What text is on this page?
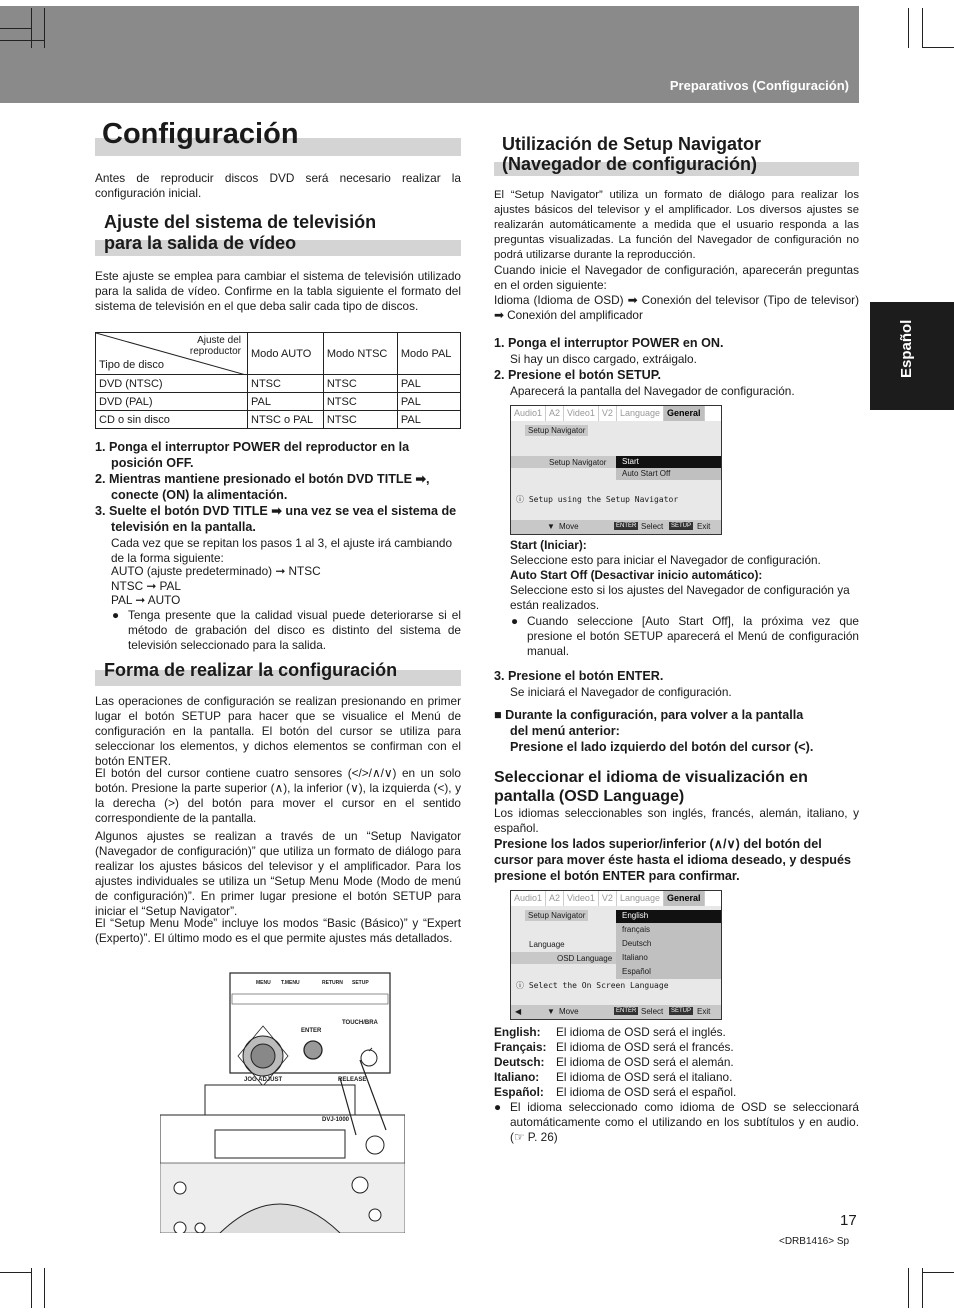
Preparativos (Configuración)
Español
Configuración
Antes de reproducir discos DVD será necesario realizar la configuración inicial.
Ajuste del sistema de televisión
para la salida de vídeo
Este ajuste se emplea para cambiar el sistema de televisión utilizado para la salida de vídeo. Confirme en la tabla siguiente el formato del sistema de televisión en el que deba salir cada tipo de discos.
Ajuste del reproductor
Tipo de disco	Modo AUTO	Modo NTSC	Modo PAL
DVD (NTSC)	NTSC	NTSC	PAL
DVD (PAL)	PAL	NTSC	PAL
CD o sin disco	NTSC o PAL	NTSC	PAL
1. Ponga el interruptor POWER del reproductor en la posición OFF.
2. Mientras mantiene presionado el botón DVD TITLE ➡, conecte (ON) la alimentación.
3. Suelte el botón DVD TITLE ➡ una vez se vea el sistema de televisión en la pantalla.
Cada vez que se repitan los pasos 1 al 3, el ajuste irá cambiando de la forma siguiente:
AUTO (ajuste predeterminado) ➞ NTSC
NTSC ➞ PAL
PAL ➞ AUTO
● Tenga presente que la calidad visual puede deteriorarse si el método de grabación del disco es distinto del sistema de televisión seleccionado para la salida.
Forma de realizar la configuración
Las operaciones de configuración se realizan presionando en primer lugar el botón SETUP para hacer que se visualice el Menú de configuración en la pantalla. El botón del cursor se utiliza para seleccionar los elementos, y dichos elementos se confirman con el botón ENTER.
El botón del cursor contiene cuatro sensores (</>/∧/∨) en un solo botón. Presione la parte superior (∧), la inferior (∨), la izquierda (<), y la derecha (>) del botón para mover el cursor en el sentido correspondiente de la pantalla.
Algunos ajustes se realizan a través de un “Setup Navigator (Navegador de configuración)” que utiliza un formato de diálogo para realizar los ajustes básicos del televisor y el amplificador. Para los ajustes individuales se utiliza un “Setup Menu Mode (Modo de menú de configuración)”. En primer lugar presione el botón SETUP para iniciar el “Setup Navigator”.
El “Setup Menu Mode” incluye los modos “Basic (Básico)” y “Expert (Experto)”. El último modo es el que permite ajustes más detallados.
MENU T.MENU	RETURN SETUP
ENTER
TOUCH/BRA
JOG ADJUST	RELEASE
DVJ-1000
Utilización de Setup Navigator
(Navegador de configuración)
El “Setup Navigator” utiliza un formato de diálogo para realizar los ajustes básicos del televisor y el amplificador. Los diversos ajustes se realizarán automáticamente a medida que el usuario responda a las preguntas visualizadas. La función del Navegador de configuración no podrá utilizarse durante la reproducción.
Cuando inicie el Navegador de configuración, aparecerán preguntas en el orden siguiente:
Idioma (Idioma de OSD) ➡ Conexión del televisor (Tipo de televisor) ➡ Conexión del amplificador
1. Ponga el interruptor POWER en ON.
Si hay un disco cargado, extráigalo.
2. Presione el botón SETUP.
Aparecerá la pantalla del Navegador de configuración.
Audio1 A2 Video1 V2 Language General
Setup Navigator
Setup Navigator	Start
Auto Start Off
ⓘ Setup using the Setup Navigator
▼ Move	ENTER Select	SETUP Exit
Start (Iniciar):
Seleccione esto para iniciar el Navegador de configuración.
Auto Start Off (Desactivar inicio automático):
Seleccione esto si los ajustes del Navegador de configuración ya están realizados.
● Cuando seleccione [Auto Start Off], la próxima vez que presione el botón SETUP aparecerá el Menú de configuración manual.
3. Presione el botón ENTER.
Se iniciará el Navegador de configuración.
■ Durante la configuración, para volver a la pantalla
del menú anterior:
Presione el lado izquierdo del botón del cursor (<).
Seleccionar el idioma de visualización en
pantalla (OSD Language)
Los idiomas seleccionables son inglés, francés, alemán, italiano, y español.
Presione los lados superior/inferior (∧/∨) del botón del cursor para mover éste hasta el idioma deseado, y después presione el botón ENTER para confirmar.
Audio1 A2 Video1 V2 Language General
Setup Navigator
Language
OSD Language
English
français
Deutsch
Italiano
Español
ⓘ Select the On Screen Language
◀	▼ Move	ENTER Select	SETUP Exit
English: El idioma de OSD será el inglés.
Français: El idioma de OSD será el francés.
Deutsch: El idioma de OSD será el alemán.
Italiano: El idioma de OSD será el italiano.
Español: El idioma de OSD será el español.
● El idioma seleccionado como idioma de OSD se seleccionará automáticamente como el utilizando en los subtítulos y en audio. (☞ P. 26)
17
<DRB1416> Sp
